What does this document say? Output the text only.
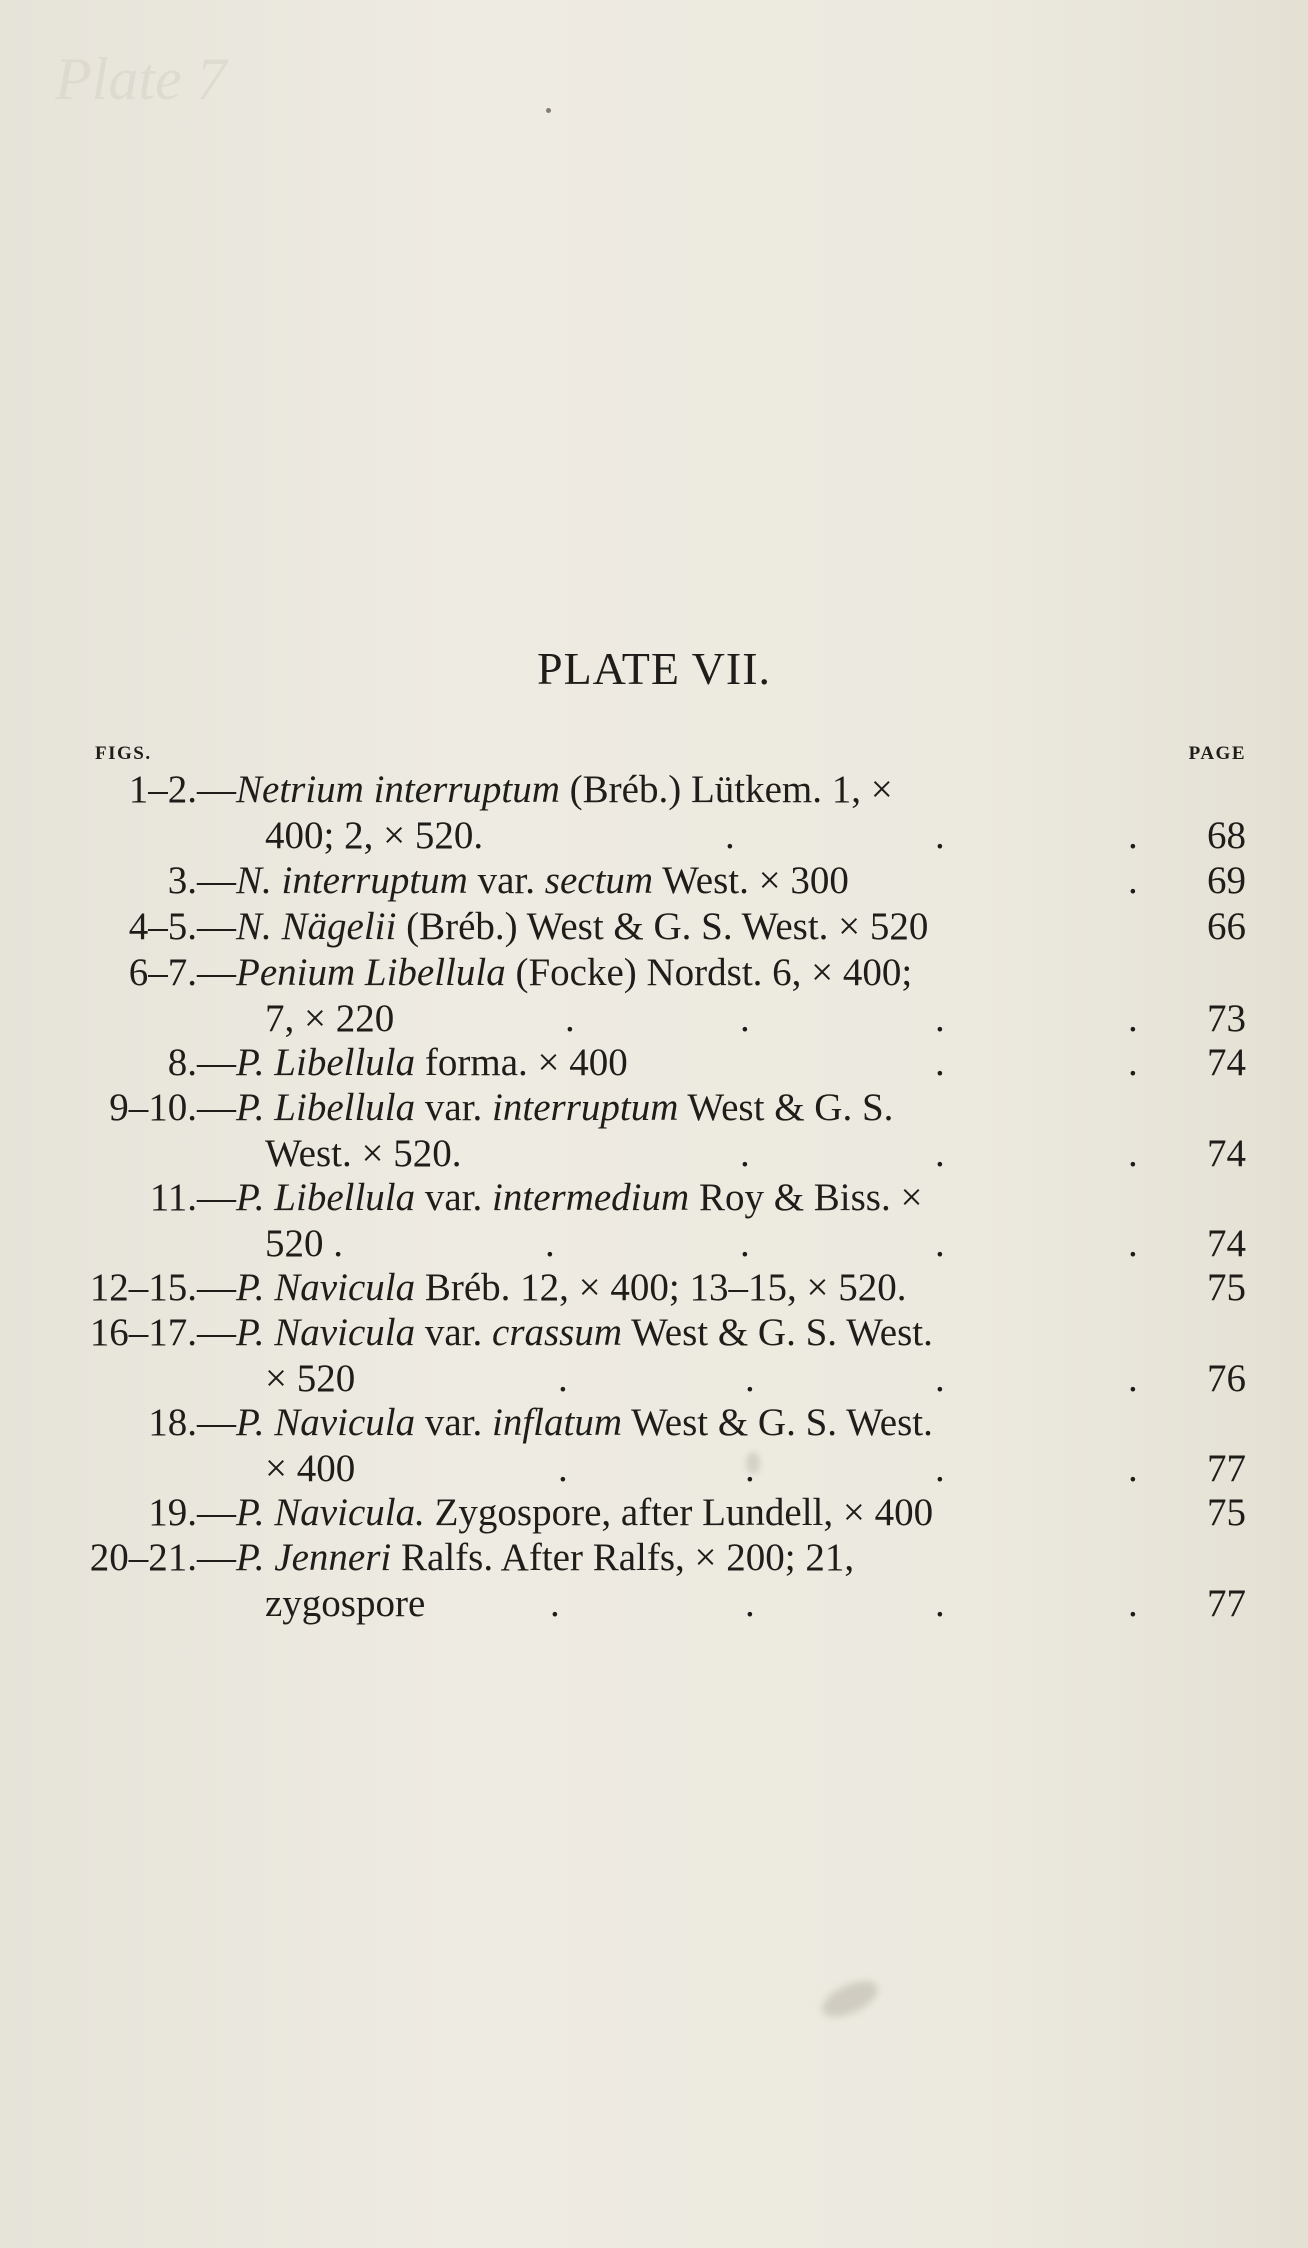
Plate 7
PLATE VII.
FIGS.	PAGE
1–2.— Netrium interruptum (Bréb.) Lütkem. 1, ×
400; 2, × 520.	.	.	. 68
3.— N. interruptum var. sectum West. × 300	. 69
4–5.— N. Nägelii (Bréb.) West & G. S. West. × 520	66
6–7.— Penium Libellula (Focke) Nordst. 6, × 400;
7, × 220	.	.	.	. 73
8.— P. Libellula forma. × 400	.	. 74
9–10.— P. Libellula var. interruptum West & G. S.
West. × 520.	.	.	. 74
11.— P. Libellula var. intermedium Roy & Biss. ×
520 .	.	.	.	. 74
12–15.— P. Navicula Bréb. 12, × 400; 13–15, × 520.	75
16–17.— P. Navicula var. crassum West & G. S. West.
× 520	.	.	.	. 76
18.— P. Navicula var. inflatum West & G. S. West.
× 400	.	.	.	. 77
19.— P. Navicula. Zygospore, after Lundell, × 400	75
20–21.— P. Jenneri Ralfs. After Ralfs, × 200; 21,
zygospore	.	.	.	. 77
